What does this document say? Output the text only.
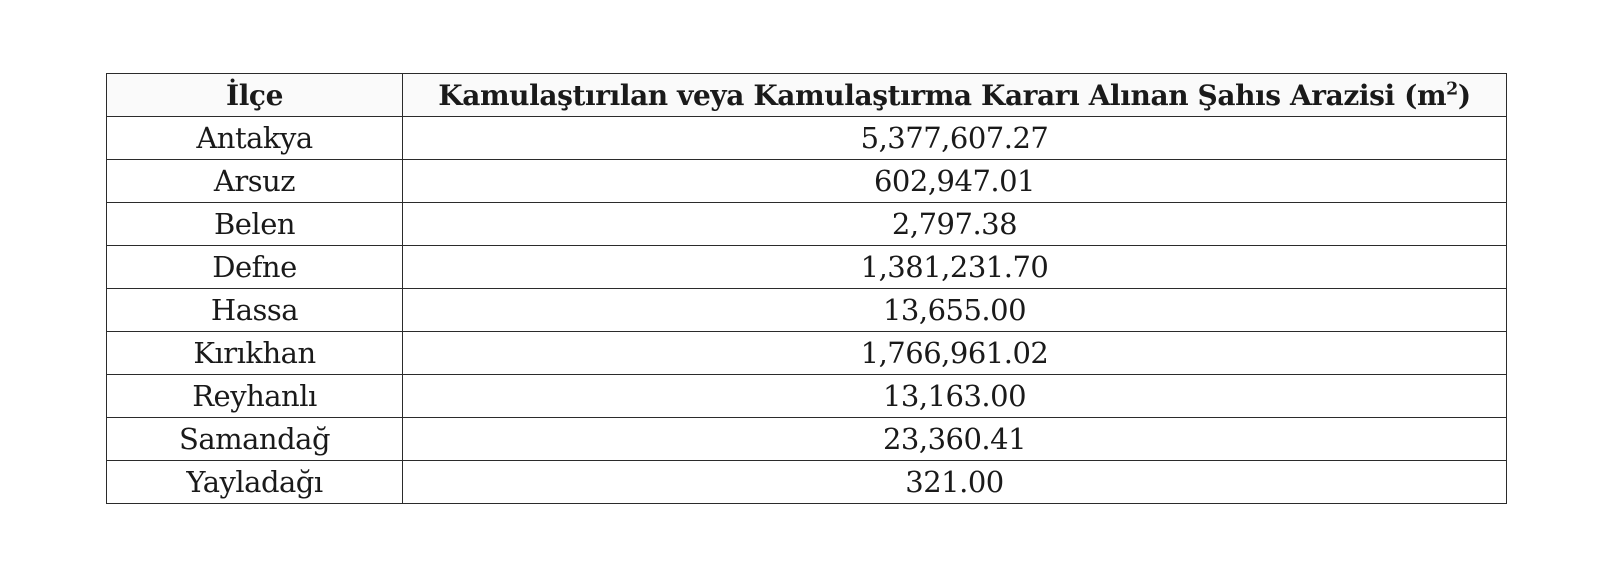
İlçe	Kamulaştırılan veya Kamulaştırma Kararı Alınan Şahıs Arazisi $(m^2)$
Antakya	5,377,607.27
Arsuz	602,947.01
Belen	2,797.38
Defne	1,381,231.70
Hassa	13,655.00
Kırıkhan	1,766,961.02
Reyhanlı	13,163.00
Samandağ	23,360.41
Yayladağı	321.00
